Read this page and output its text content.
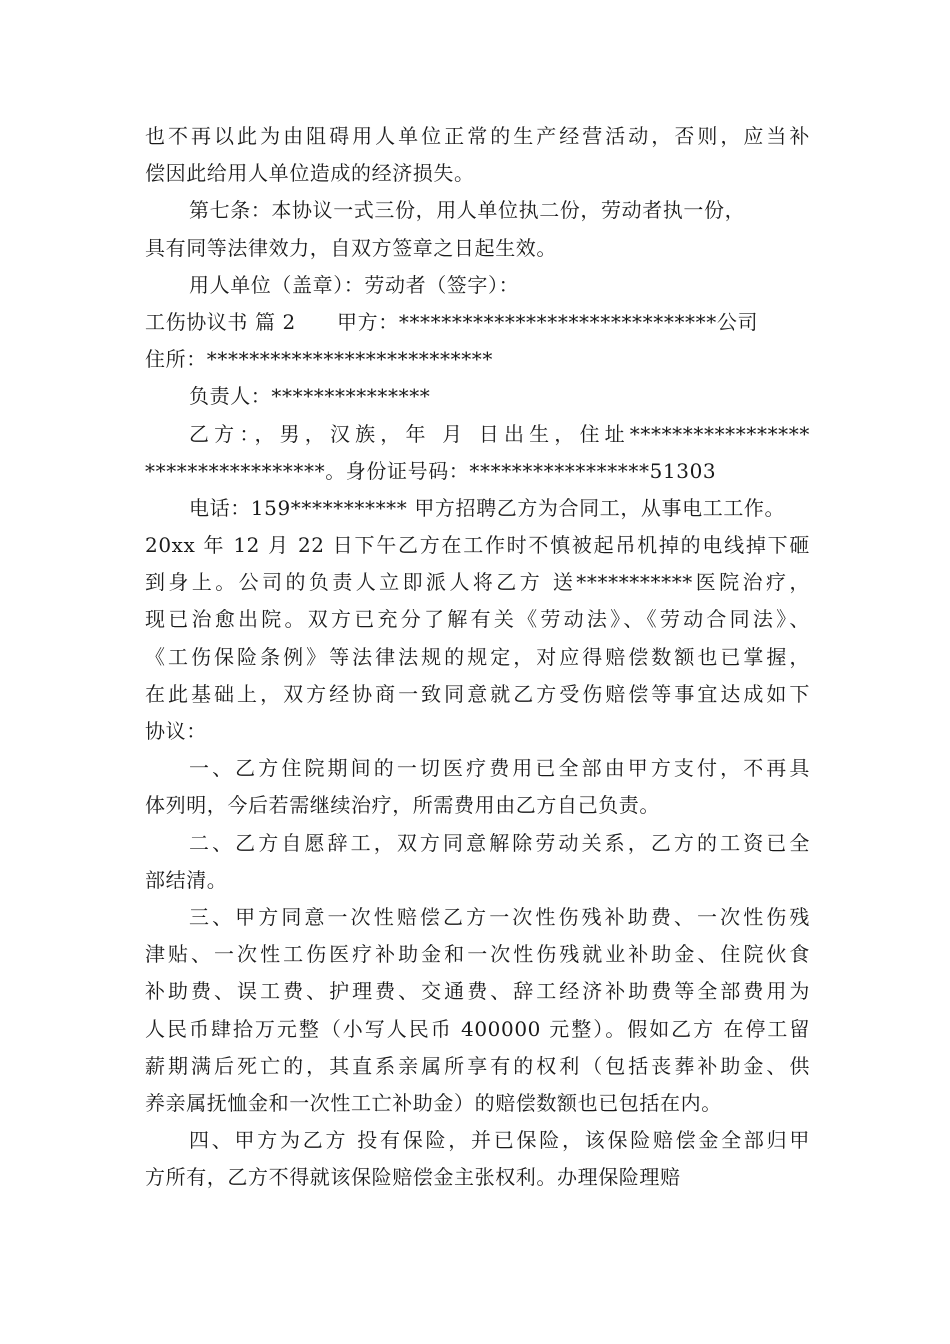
也不再以此为由阻碍用人单位正常的生产经营活动，否则，应当补
偿因此给用人单位造成的经济损失。
第七条：本协议一式三份，用人单位执二份，劳动者执一份，
具有同等法律效力，自双方签章之日起生效。
用人单位（盖章）：劳动者（签字）：
工伤协议书 篇 2　　甲方：******************************公司
住所：***************************
负责人：***************
乙方：，男，汉族，年 月 日出生，住址*****************
*****************。身份证号码：*****************51303
电话：159*********** 甲方招聘乙方为合同工，从事电工工作。
20xx 年 12 月 22 日下午乙方在工作时不慎被起吊机掉的电线掉下砸
到身上。公司的负责人立即派人将乙方 送***********医院治疗，
现已治愈出院。双方已充分了解有关《劳动法》、《劳动合同法》、
《工伤保险条例》等法律法规的规定，对应得赔偿数额也已掌握，
在此基础上，双方经协商一致同意就乙方受伤赔偿等事宜达成如下
协议：
一、乙方住院期间的一切医疗费用已全部由甲方支付，不再具
体列明，今后若需继续治疗，所需费用由乙方自己负责。
二、乙方自愿辞工，双方同意解除劳动关系，乙方的工资已全
部结清。
三、甲方同意一次性赔偿乙方一次性伤残补助费、一次性伤残
津贴、一次性工伤医疗补助金和一次性伤残就业补助金、住院伙食
补助费、误工费、护理费、交通费、辞工经济补助费等全部费用为
人民币肆拾万元整（小写人民币 400000 元整）。假如乙方 在停工留
薪期满后死亡的，其直系亲属所享有的权利（包括丧葬补助金、供
养亲属抚恤金和一次性工亡补助金）的赔偿数额也已包括在内。
四、甲方为乙方 投有保险，并已保险，该保险赔偿金全部归甲
方所有，乙方不得就该保险赔偿金主张权利。办理保险理赔
